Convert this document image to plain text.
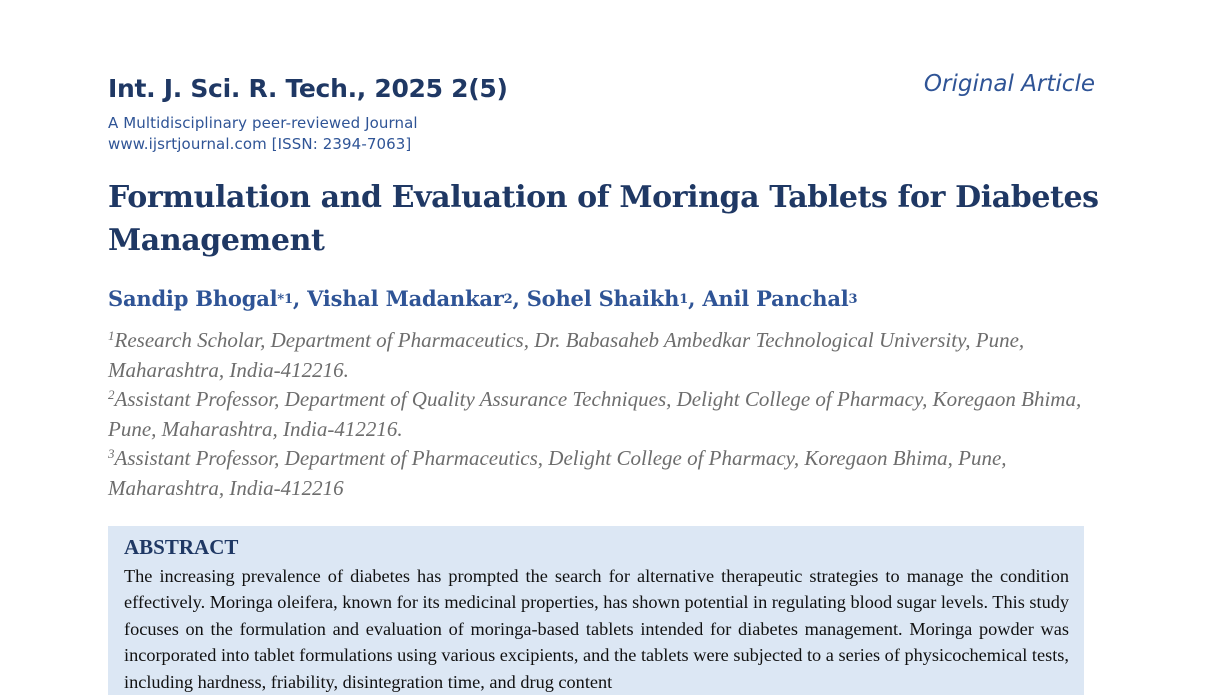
Int. J. Sci. R. Tech., 2025 2(5)	Original Article
A Multidisciplinary peer-reviewed Journal
www.ijsrtjournal.com [ISSN: 2394-7063]
Formulation and Evaluation of Moringa Tablets for Diabetes Management
Sandip Bhogal$^{*1}$, Vishal Madankar$^2$, Sohel Shaikh$^1$, Anil Panchal$^3$
$^1$Research Scholar, Department of Pharmaceutics, Dr. Babasaheb Ambedkar Technological University, Pune, Maharashtra, India-412216.
$^2$Assistant Professor, Department of Quality Assurance Techniques, Delight College of Pharmacy, Koregaon Bhima, Pune, Maharashtra, India-412216.
$^3$Assistant Professor, Department of Pharmaceutics, Delight College of Pharmacy, Koregaon Bhima, Pune, Maharashtra, India-412216
ABSTRACT
The increasing prevalence of diabetes has prompted the search for alternative therapeutic strategies to manage the condition effectively. Moringa oleifera, known for its medicinal properties, has shown potential in regulating blood sugar levels. This study focuses on the formulation and evaluation of moringa-based tablets intended for diabetes management. Moringa powder was incorporated into tablet formulations using various excipients, and the tablets were subjected to a series of physicochemical tests, including hardness, friability, disintegration time, and drug content
